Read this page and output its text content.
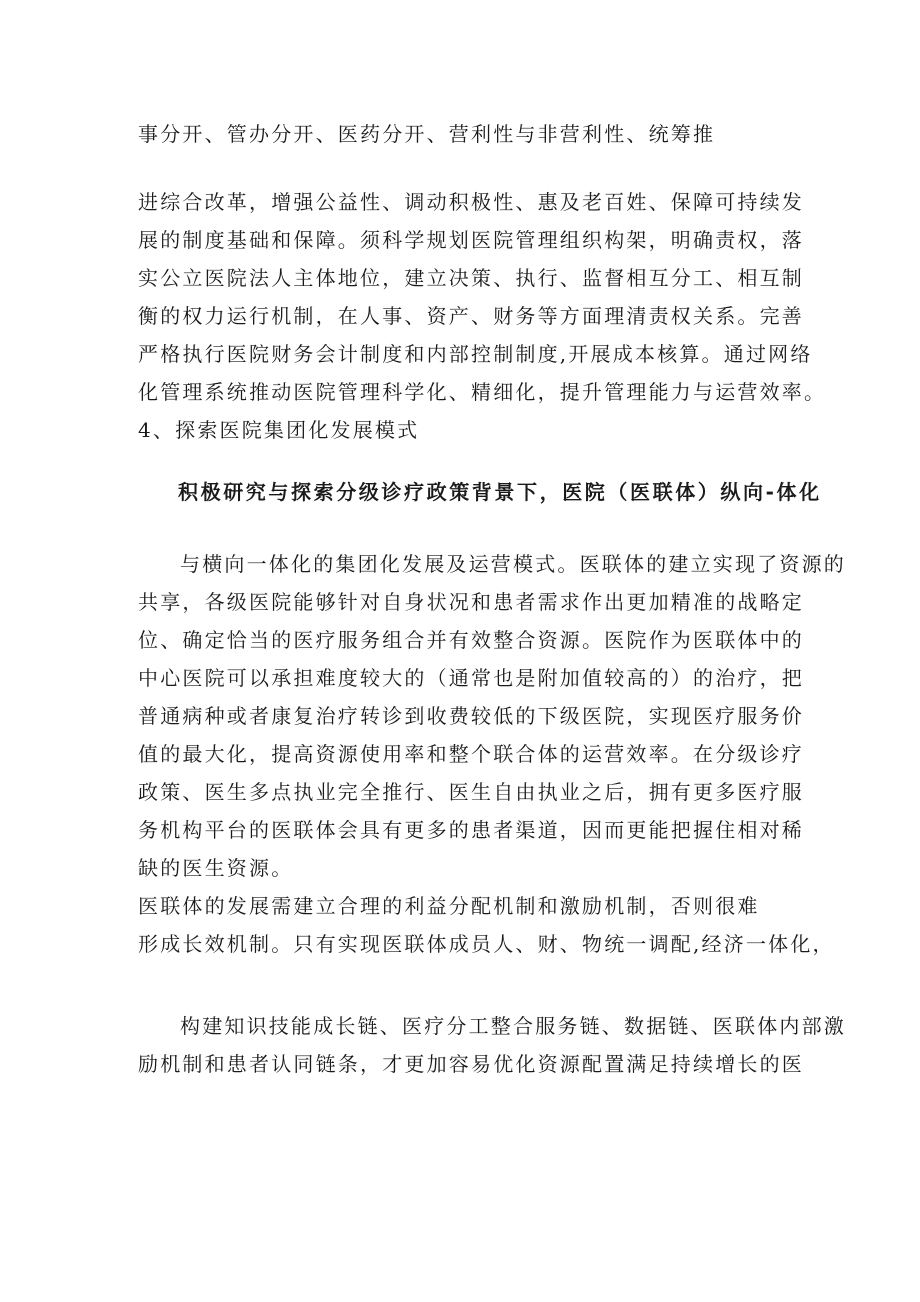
事分开、管办分开、医药分开、营利性与非营利性、统筹推
进综合改革，增强公益性、调动积极性、惠及老百姓、保障可持续发
展的制度基础和保障。须科学规划医院管理组织构架，明确责权，落
实公立医院法人主体地位，建立决策、执行、监督相互分工、相互制
衡的权力运行机制，在人事、资产、财务等方面理清责权关系。完善
严格执行医院财务会计制度和内部控制制度,开展成本核算。通过网络
化管理系统推动医院管理科学化、精细化，提升管理能力与运营效率。
4、探索医院集团化发展模式
积极研究与探索分级诊疗政策背景下，医院（医联体）纵向-体化
与横向一体化的集团化发展及运营模式。医联体的建立实现了资源的
共享，各级医院能够针对自身状况和患者需求作出更加精准的战略定
位、确定恰当的医疗服务组合并有效整合资源。医院作为医联体中的
中心医院可以承担难度较大的（通常也是附加值较高的）的治疗，把
普通病种或者康复治疗转诊到收费较低的下级医院，实现医疗服务价
值的最大化，提高资源使用率和整个联合体的运营效率。在分级诊疗
政策、医生多点执业完全推行、医生自由执业之后，拥有更多医疗服
务机构平台的医联体会具有更多的患者渠道，因而更能把握住相对稀
缺的医生资源。
医联体的发展需建立合理的利益分配机制和激励机制，否则很难
形成长效机制。只有实现医联体成员人、财、物统一调配,经济一体化，
构建知识技能成长链、医疗分工整合服务链、数据链、医联体内部激
励机制和患者认同链条，才更加容易优化资源配置满足持续增长的医
